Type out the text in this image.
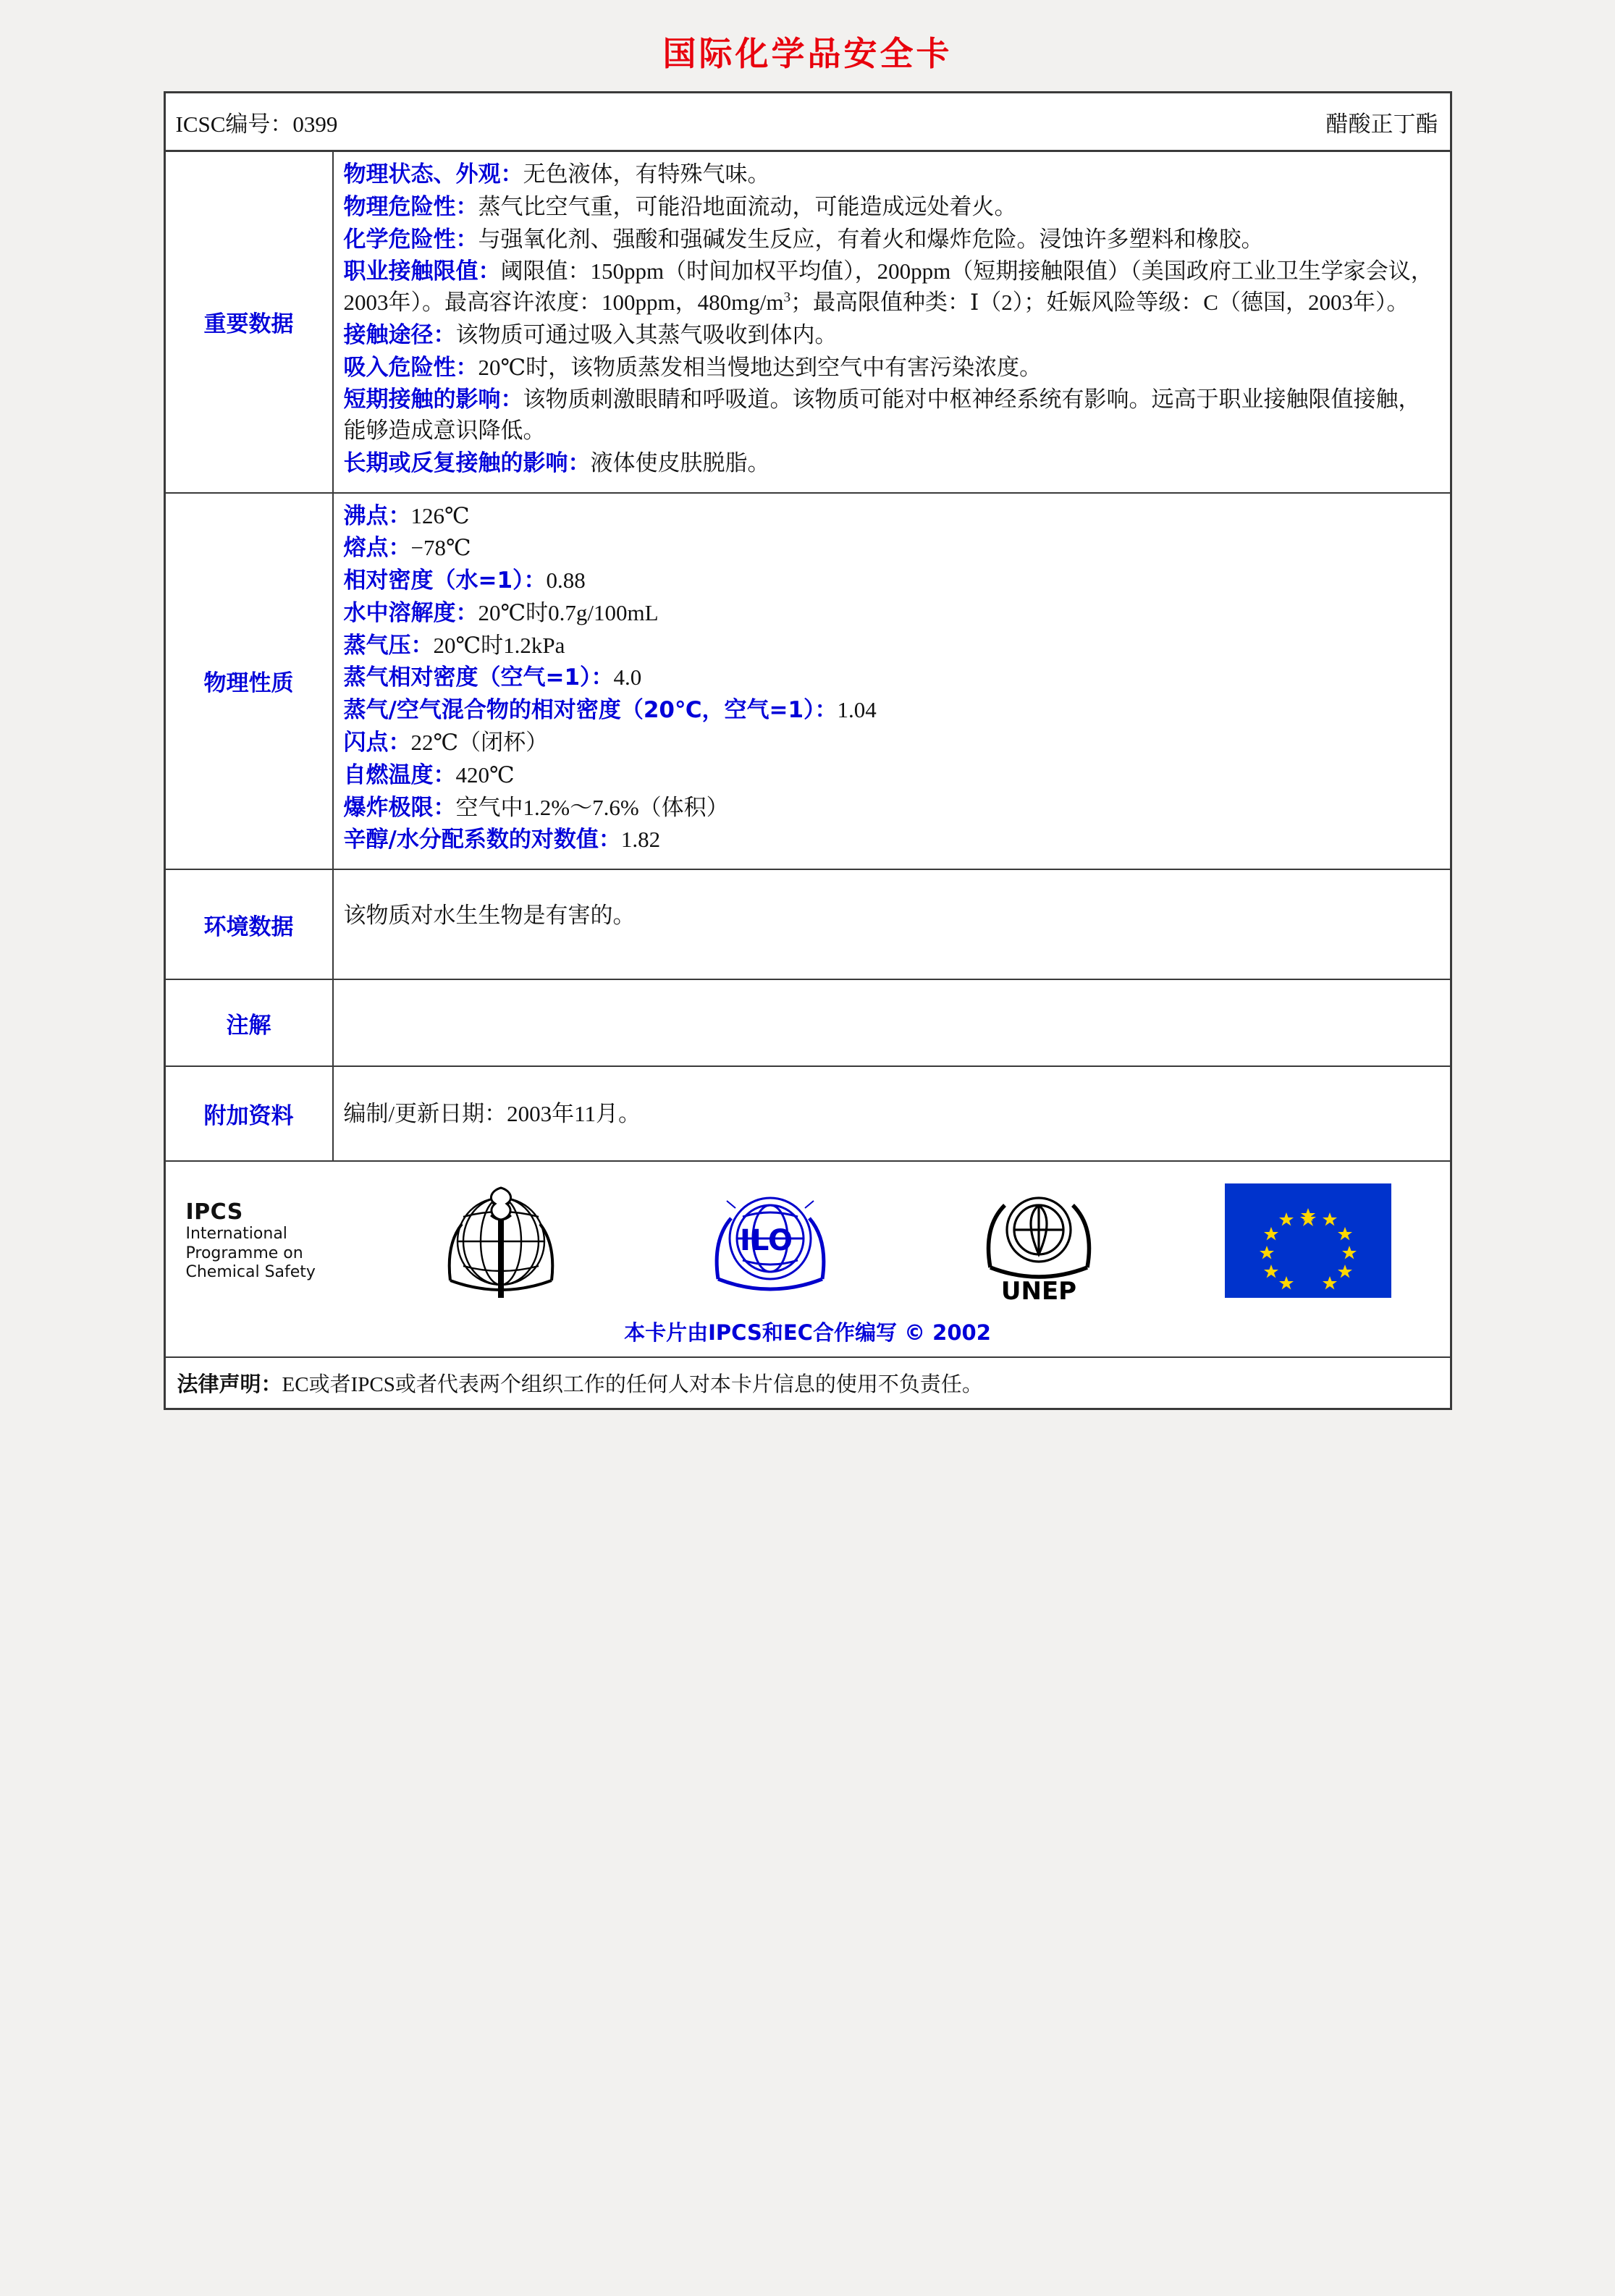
国际化学品安全卡
ICSC编号：0399	醋酸正丁酯
重要数据

物理状态、外观：无色液体，有特殊气味。

物理危险性：蒸气比空气重，可能沿地面流动，可能造成远处着火。

化学危险性：与强氧化剂、强酸和强碱发生反应，有着火和爆炸危险。浸蚀许多塑料和橡胶。

职业接触限值：阈限值：150ppm（时间加权平均值），200ppm（短期接触限值）（美国政府工业卫生学家会议，2003年）。最高容许浓度：100ppm，$480mg/m^3$；最高限值种类：Ⅰ（2）；妊娠风险等级：C（德国，2003年）。

接触途径：该物质可通过吸入其蒸气吸收到体内。

吸入危险性：20℃时，该物质蒸发相当慢地达到空气中有害污染浓度。

短期接触的影响：该物质刺激眼睛和呼吸道。该物质可能对中枢神经系统有影响。远高于职业接触限值接触，能够造成意识降低。

长期或反复接触的影响：液体使皮肤脱脂。

物理性质

沸点：126℃

熔点：−78℃

相对密度（水=1）：0.88

水中溶解度：20℃时0.7g/100mL

蒸气压：20℃时1.2kPa

蒸气相对密度（空气=1）：4.0

蒸气/空气混合物的相对密度（20℃，空气=1）：1.04

闪点：22℃（闭杯）

自燃温度：420℃

爆炸极限：空气中1.2%～7.6%（体积）

辛醇/水分配系数的对数值：1.82

环境数据	该物质对水生生物是有害的。

注解

附加资料	编制/更新日期：2003年11月。

IPCS
International
Programme on
Chemical Safety
ILO
UNEP
本卡片由IPCS和EC合作编写 © 2002
法律声明：EC或者IPCS或者代表两个组织工作的任何人对本卡片信息的使用不负责任。
